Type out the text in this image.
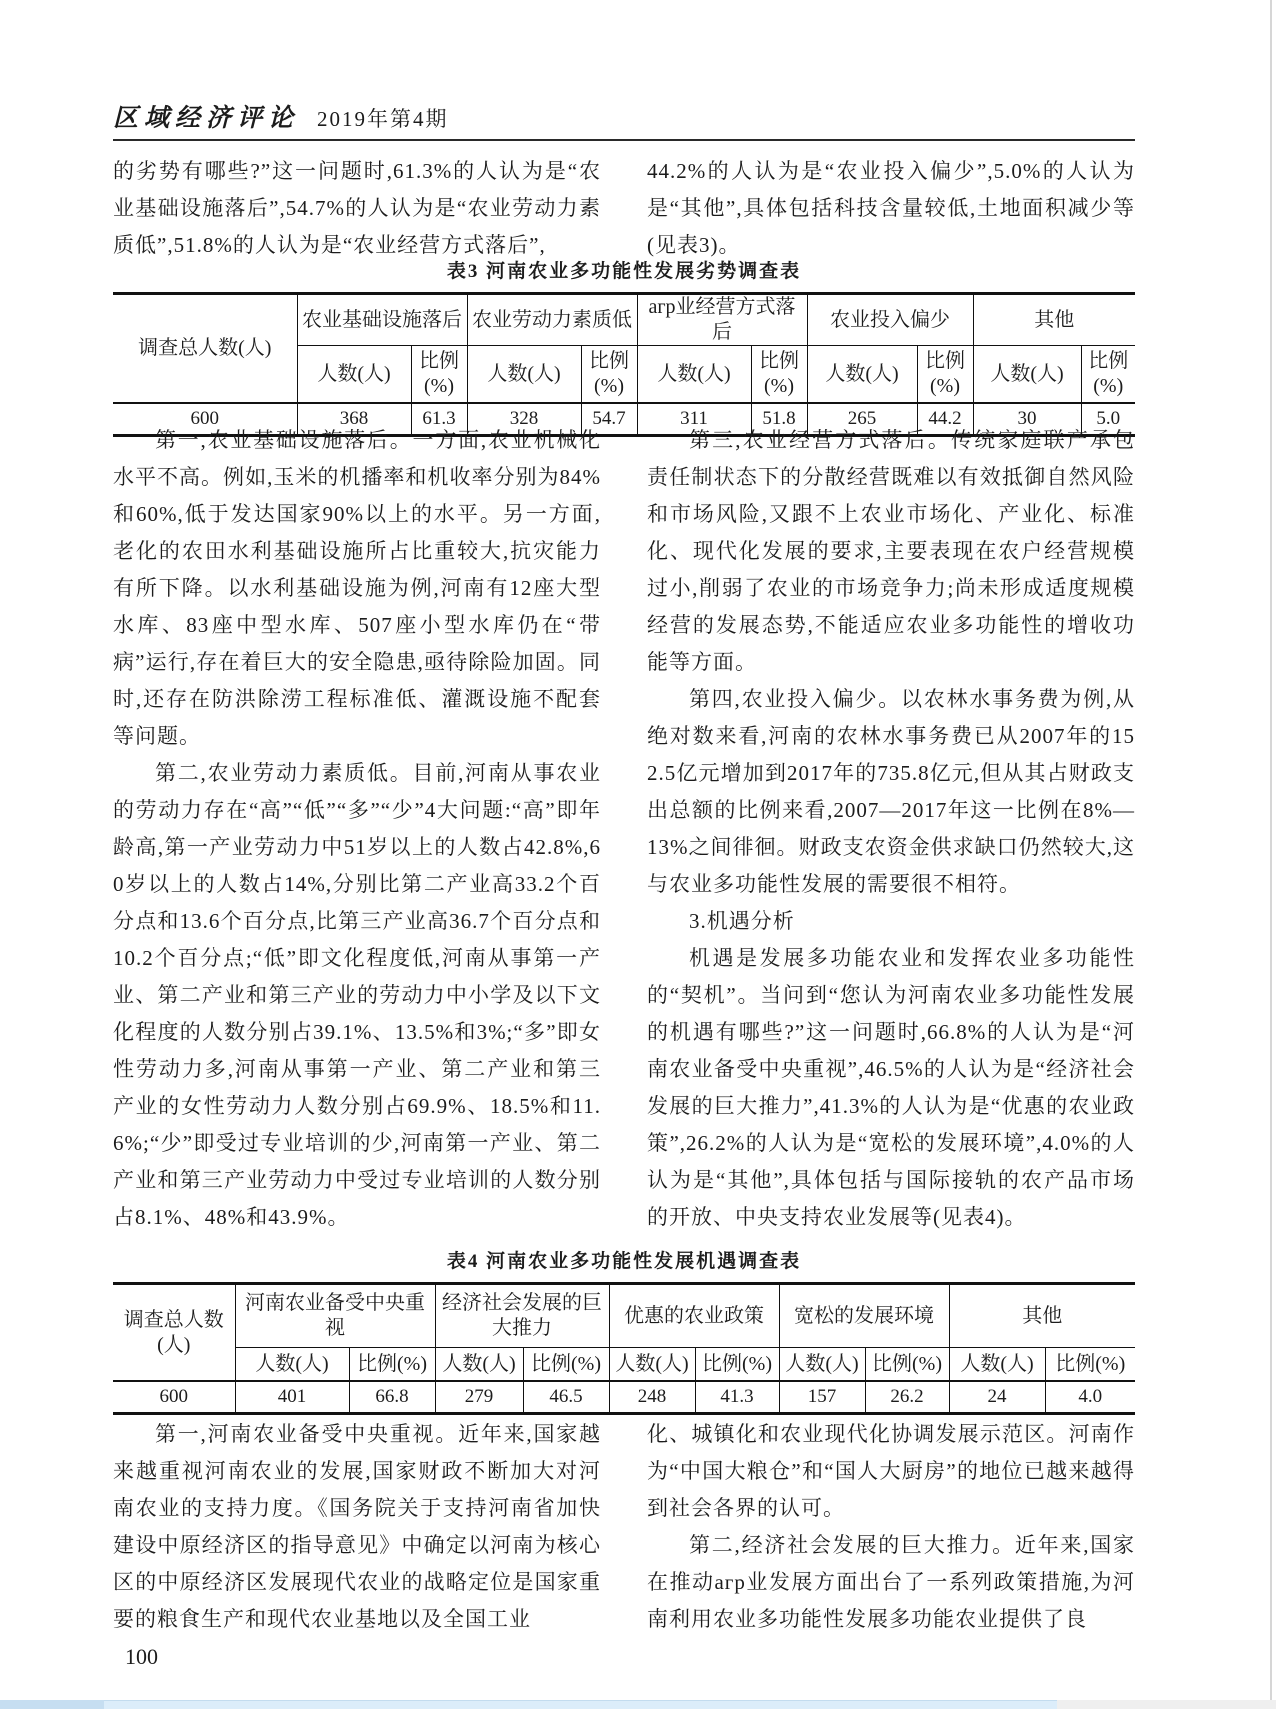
区域经济评论 2019年第4期

的劣势有哪些?”这一问题时,61.3%的人认为是“农业基础设施落后”,54.7%的人认为是“农业劳动力素质低”,51.8%的人认为是“农业经营方式落后”,

44.2%的人认为是“农业投入偏少”,5.0%的人认为是“其他”,具体包括科技含量较低,土地面积减少等(见表3)。

表3 河南农业多功能性发展劣势调查表

调查总人数(人)	农业基础设施落后		农业劳动力素质低		агр业经营方式落后		农业投入偏少		其他	
	人数(人)	比例
(%)	人数(人)	比例
(%)	人数(人)	比例
(%)	人数(人)	比例
(%)	人数(人)	比例
(%)
600	368	61.3	328	54.7	311	51.8	265	44.2	30	5.0

第一,农业基础设施落后。一方面,农业机械化水平不高。例如,玉米的机播率和机收率分别为84%和60%,低于发达国家90%以上的水平。另一方面,老化的农田水利基础设施所占比重较大,抗灾能力有所下降。以水利基础设施为例,河南有12座大型水库、83座中型水库、507座小型水库仍在“带病”运行,存在着巨大的安全隐患,亟待除险加固。同时,还存在防洪除涝工程标准低、灌溉设施不配套等问题。

第二,农业劳动力素质低。目前,河南从事农业的劳动力存在“高”“低”“多”“少”4大问题:“高”即年龄高,第一产业劳动力中51岁以上的人数占42.8%,60岁以上的人数占14%,分别比第二产业高33.2个百分点和13.6个百分点,比第三产业高36.7个百分点和10.2个百分点;“低”即文化程度低,河南从事第一产业、第二产业和第三产业的劳动力中小学及以下文化程度的人数分别占39.1%、13.5%和3%;“多”即女性劳动力多,河南从事第一产业、第二产业和第三产业的女性劳动力人数分别占69.9%、18.5%和11.6%;“少”即受过专业培训的少,河南第一产业、第二产业和第三产业劳动力中受过专业培训的人数分别占8.1%、48%和43.9%。

第三,农业经营方式落后。传统家庭联产承包责任制状态下的分散经营既难以有效抵御自然风险和市场风险,又跟不上农业市场化、产业化、标准化、现代化发展的要求,主要表现在农户经营规模过小,削弱了农业的市场竞争力;尚未形成适度规模经营的发展态势,不能适应农业多功能性的增收功能等方面。

第四,农业投入偏少。以农林水事务费为例,从绝对数来看,河南的农林水事务费已从2007年的152.5亿元增加到2017年的735.8亿元,但从其占财政支出总额的比例来看,2007—2017年这一比例在8%—13%之间徘徊。财政支农资金供求缺口仍然较大,这与农业多功能性发展的需要很不相符。

3.机遇分析

机遇是发展多功能农业和发挥农业多功能性的“契机”。当问到“您认为河南农业多功能性发展的机遇有哪些?”这一问题时,66.8%的人认为是“河南农业备受中央重视”,46.5%的人认为是“经济社会发展的巨大推力”,41.3%的人认为是“优惠的农业政策”,26.2%的人认为是“宽松的发展环境”,4.0%的人认为是“其他”,具体包括与国际接轨的农产品市场的开放、中央支持农业发展等(见表4)。

表4 河南农业多功能性发展机遇调查表

调查总人数
(人)	河南农业备受中央重视		经济社会发展的巨大推力		优惠的农业政策		宽松的发展环境		其他	
	人数(人)	比例(%)	人数(人)	比例(%)	人数(人)	比例(%)	人数(人)	比例(%)	人数(人)	比例(%)
600	401	66.8	279	46.5	248	41.3	157	26.2	24	4.0

第一,河南农业备受中央重视。近年来,国家越来越重视河南农业的发展,国家财政不断加大对河南农业的支持力度。《国务院关于支持河南省加快建设中原经济区的指导意见》中确定以河南为核心区的中原经济区发展现代农业的战略定位是国家重要的粮食生产和现代农业基地以及全国工业

化、城镇化和农业现代化协调发展示范区。河南作为“中国大粮仓”和“国人大厨房”的地位已越来越得到社会各界的认可。

第二,经济社会发展的巨大推力。近年来,国家在推动агр业发展方面出台了一系列政策措施,为河南利用农业多功能性发展多功能农业提供了良

100
